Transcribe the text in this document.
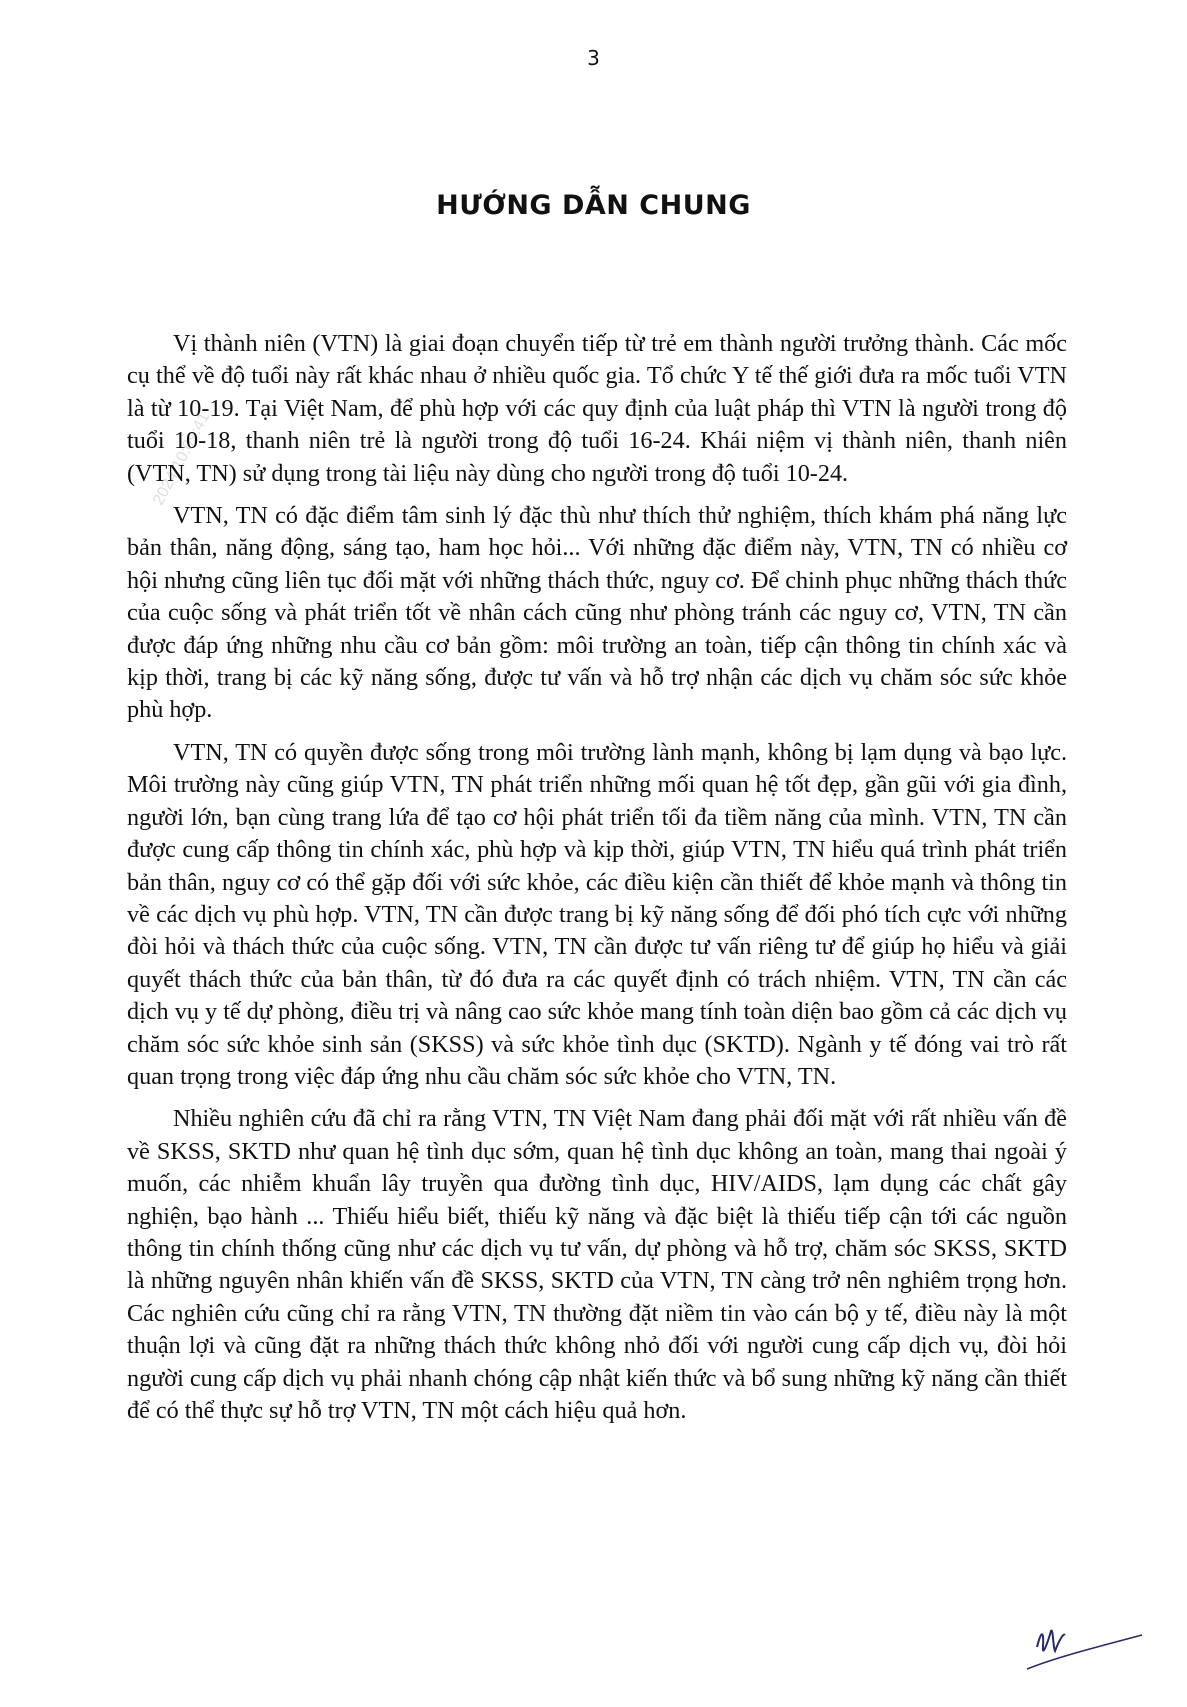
2024 10:09:41
3
HƯỚNG DẪN CHUNG

Vị thành niên (VTN) là giai đoạn chuyển tiếp từ trẻ em thành người trưởng thành. Các mốc cụ thể về độ tuổi này rất khác nhau ở nhiều quốc gia. Tổ chức Y tế thế giới đưa ra mốc tuổi VTN là từ 10-19. Tại Việt Nam, để phù hợp với các quy định của luật pháp thì VTN là người trong độ tuổi 10-18, thanh niên trẻ là người trong độ tuổi 16-24. Khái niệm vị thành niên, thanh niên (VTN, TN) sử dụng trong tài liệu này dùng cho người trong độ tuổi 10-24.

VTN, TN có đặc điểm tâm sinh lý đặc thù như thích thử nghiệm, thích khám phá năng lực bản thân, năng động, sáng tạo, ham học hỏi... Với những đặc điểm này, VTN, TN có nhiều cơ hội nhưng cũng liên tục đối mặt với những thách thức, nguy cơ. Để chinh phục những thách thức của cuộc sống và phát triển tốt về nhân cách cũng như phòng tránh các nguy cơ, VTN, TN cần được đáp ứng những nhu cầu cơ bản gồm: môi trường an toàn, tiếp cận thông tin chính xác và kịp thời, trang bị các kỹ năng sống, được tư vấn và hỗ trợ nhận các dịch vụ chăm sóc sức khỏe phù hợp.

VTN, TN có quyền được sống trong môi trường lành mạnh, không bị lạm dụng và bạo lực. Môi trường này cũng giúp VTN, TN phát triển những mối quan hệ tốt đẹp, gần gũi với gia đình, người lớn, bạn cùng trang lứa để tạo cơ hội phát triển tối đa tiềm năng của mình. VTN, TN cần được cung cấp thông tin chính xác, phù hợp và kịp thời, giúp VTN, TN hiểu quá trình phát triển bản thân, nguy cơ có thể gặp đối với sức khỏe, các điều kiện cần thiết để khỏe mạnh và thông tin về các dịch vụ phù hợp. VTN, TN cần được trang bị kỹ năng sống để đối phó tích cực với những đòi hỏi và thách thức của cuộc sống. VTN, TN cần được tư vấn riêng tư để giúp họ hiểu và giải quyết thách thức của bản thân, từ đó đưa ra các quyết định có trách nhiệm. VTN, TN cần các dịch vụ y tế dự phòng, điều trị và nâng cao sức khỏe mang tính toàn diện bao gồm cả các dịch vụ chăm sóc sức khỏe sinh sản (SKSS) và sức khỏe tình dục (SKTD). Ngành y tế đóng vai trò rất quan trọng trong việc đáp ứng nhu cầu chăm sóc sức khỏe cho VTN, TN.

Nhiều nghiên cứu đã chỉ ra rằng VTN, TN Việt Nam đang phải đối mặt với rất nhiều vấn đề về SKSS, SKTD như quan hệ tình dục sớm, quan hệ tình dục không an toàn, mang thai ngoài ý muốn, các nhiễm khuẩn lây truyền qua đường tình dục, HIV/AIDS, lạm dụng các chất gây nghiện, bạo hành ... Thiếu hiểu biết, thiếu kỹ năng và đặc biệt là thiếu tiếp cận tới các nguồn thông tin chính thống cũng như các dịch vụ tư vấn, dự phòng và hỗ trợ, chăm sóc SKSS, SKTD là những nguyên nhân khiến vấn đề SKSS, SKTD của VTN, TN càng trở nên nghiêm trọng hơn. Các nghiên cứu cũng chỉ ra rằng VTN, TN thường đặt niềm tin vào cán bộ y tế, điều này là một thuận lợi và cũng đặt ra những thách thức không nhỏ đối với người cung cấp dịch vụ, đòi hỏi người cung cấp dịch vụ phải nhanh chóng cập nhật kiến thức và bổ sung những kỹ năng cần thiết để có thể thực sự hỗ trợ VTN, TN một cách hiệu quả hơn.
